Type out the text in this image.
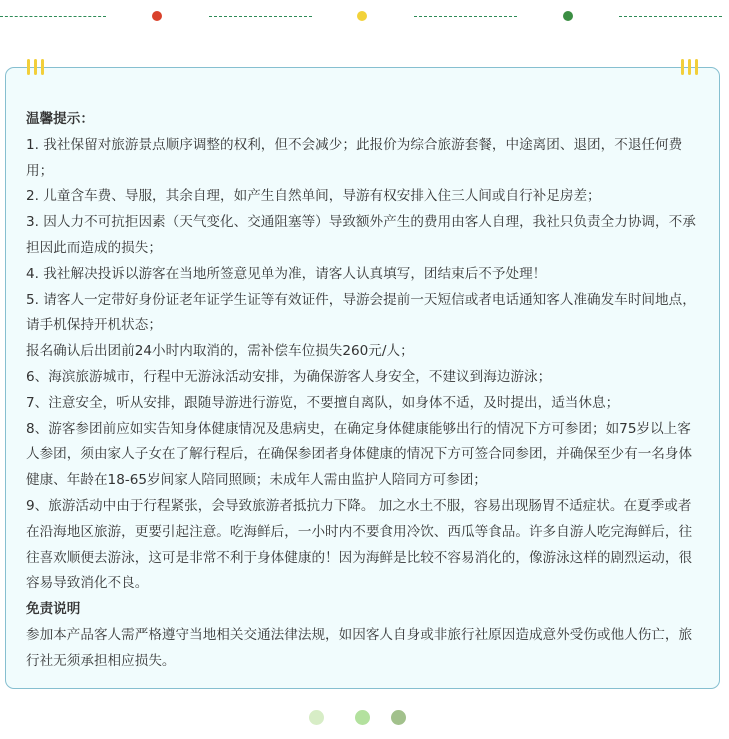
温馨提示：

1. 我社保留对旅游景点顺序调整的权利，但不会减少；此报价为综合旅游套餐，中途离团、退团，不退任何费用；

2. 儿童含车费、导服，其余自理，如产生自然单间，导游有权安排入住三人间或自行补足房差；

3. 因人力不可抗拒因素（天气变化、交通阻塞等）导致额外产生的费用由客人自理，我社只负责全力协调，不承担因此而造成的损失；

4. 我社解决投诉以游客在当地所签意见单为准，请客人认真填写，团结束后不予处理！

5. 请客人一定带好身份证老年证学生证等有效证件，导游会提前一天短信或者电话通知客人准确发车时间地点，请手机保持开机状态；

报名确认后出团前24小时内取消的，需补偿车位损失260元/人；

6、海滨旅游城市，行程中无游泳活动安排，为确保游客人身安全，不建议到海边游泳；

7、注意安全，听从安排，跟随导游进行游览，不要擅自离队，如身体不适，及时提出，适当休息；

8、游客参团前应如实告知身体健康情况及患病史，在确定身体健康能够出行的情况下方可参团；如75岁以上客人参团，须由家人子女在了解行程后，在确保参团者身体健康的情况下方可签合同参团，并确保至少有一名身体健康、年龄在18-65岁间家人陪同照顾；未成年人需由监护人陪同方可参团；

9、旅游活动中由于行程紧张，会导致旅游者抵抗力下降。 加之水土不服，容易出现肠胃不适症状。在夏季或者在沿海地区旅游，更要引起注意。吃海鲜后，一小时内不要食用冷饮、西瓜等食品。许多自游人吃完海鲜后，往往喜欢顺便去游泳，这可是非常不利于身体健康的！因为海鲜是比较不容易消化的，像游泳这样的剧烈运动，很容易导致消化不良。

免责说明

参加本产品客人需严格遵守当地相关交通法律法规，如因客人自身或非旅行社原因造成意外受伤或他人伤亡，旅行社无须承担相应损失。
